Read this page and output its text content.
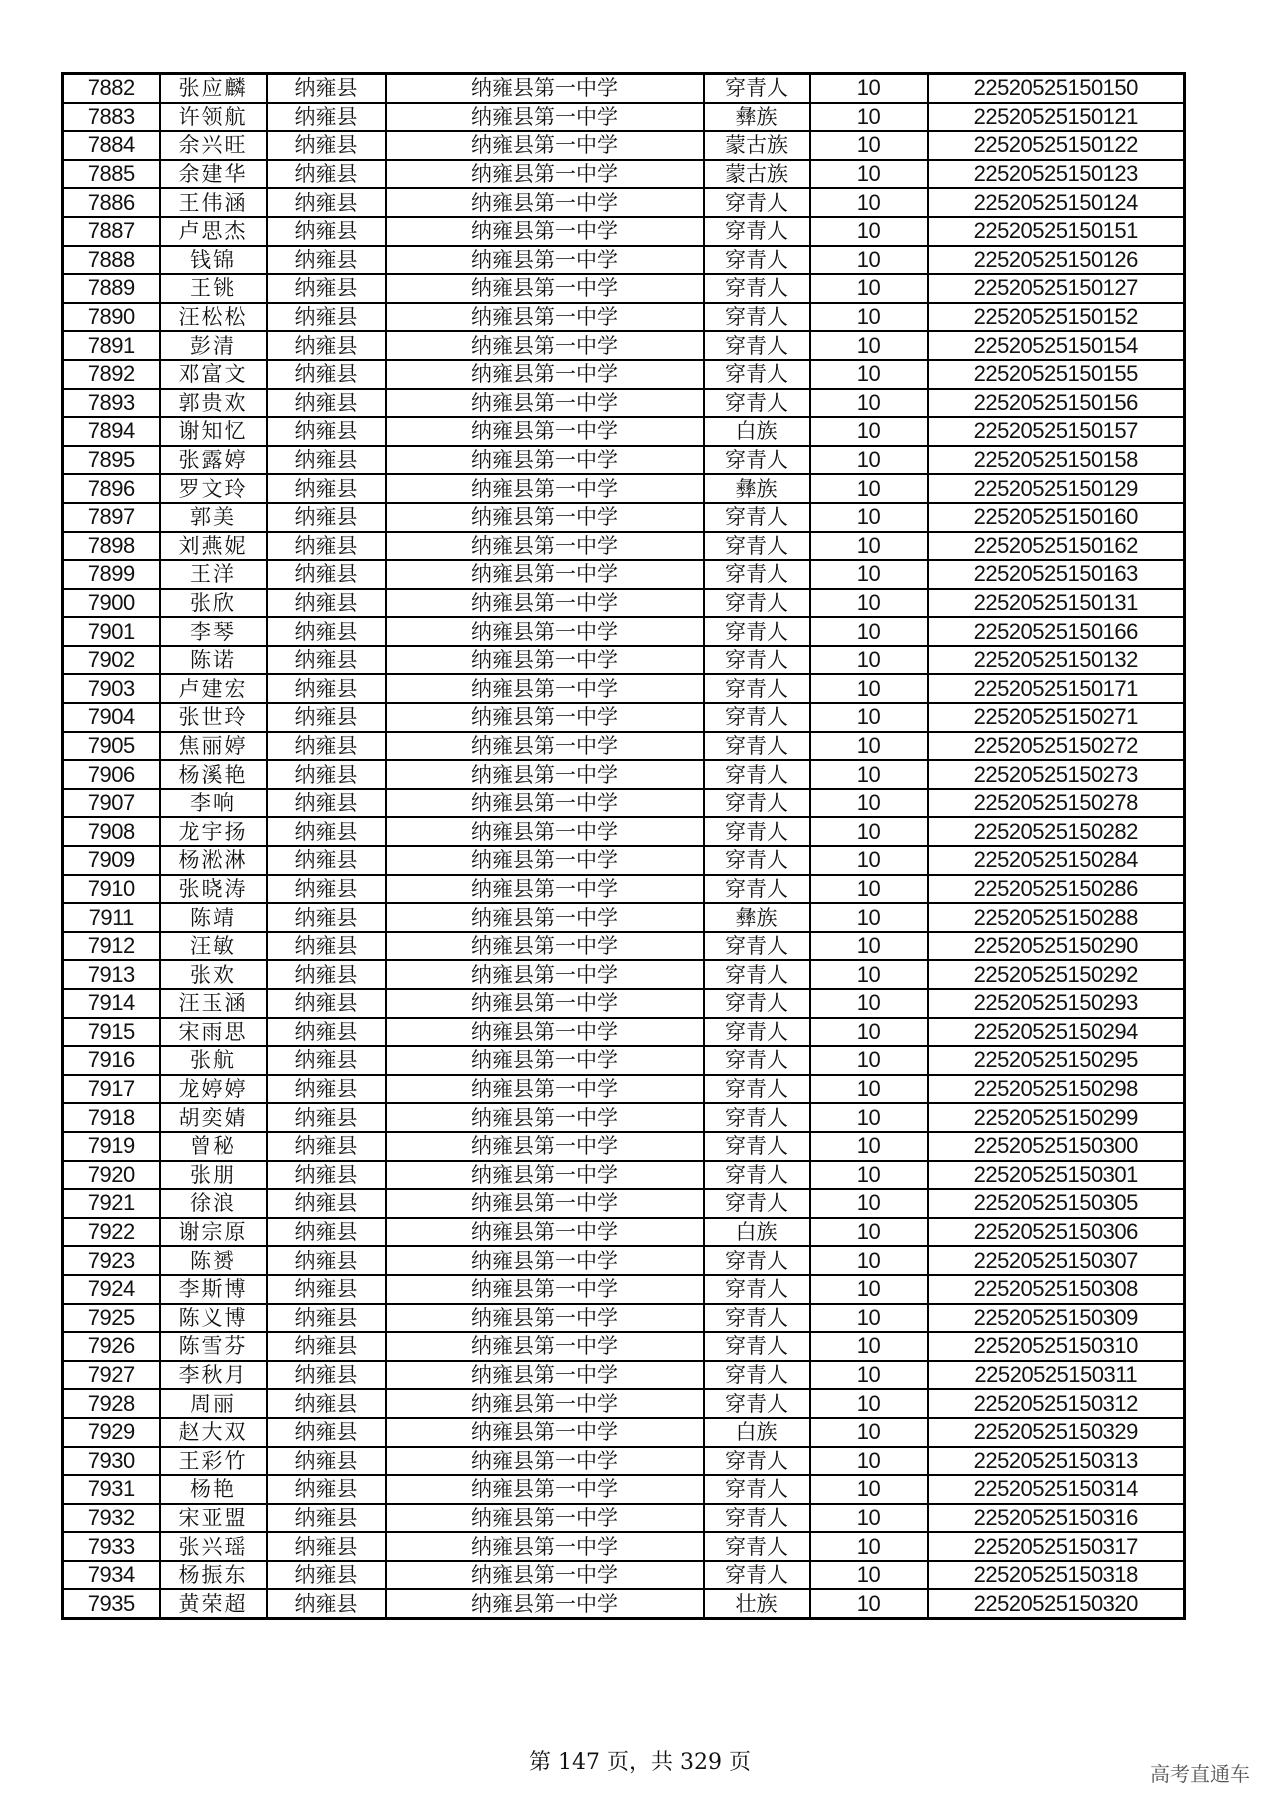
7882	张应麟	纳雍县	纳雍县第一中学	穿青人	10	22520525150150
7883	许领航	纳雍县	纳雍县第一中学	彝族	10	22520525150121
7884	余兴旺	纳雍县	纳雍县第一中学	蒙古族	10	22520525150122
7885	余建华	纳雍县	纳雍县第一中学	蒙古族	10	22520525150123
7886	王伟涵	纳雍县	纳雍县第一中学	穿青人	10	22520525150124
7887	卢思杰	纳雍县	纳雍县第一中学	穿青人	10	22520525150151
7888	钱锦	纳雍县	纳雍县第一中学	穿青人	10	22520525150126
7889	王铫	纳雍县	纳雍县第一中学	穿青人	10	22520525150127
7890	汪松松	纳雍县	纳雍县第一中学	穿青人	10	22520525150152
7891	彭清	纳雍县	纳雍县第一中学	穿青人	10	22520525150154
7892	邓富文	纳雍县	纳雍县第一中学	穿青人	10	22520525150155
7893	郭贵欢	纳雍县	纳雍县第一中学	穿青人	10	22520525150156
7894	谢知忆	纳雍县	纳雍县第一中学	白族	10	22520525150157
7895	张露婷	纳雍县	纳雍县第一中学	穿青人	10	22520525150158
7896	罗文玲	纳雍县	纳雍县第一中学	彝族	10	22520525150129
7897	郭美	纳雍县	纳雍县第一中学	穿青人	10	22520525150160
7898	刘燕妮	纳雍县	纳雍县第一中学	穿青人	10	22520525150162
7899	王洋	纳雍县	纳雍县第一中学	穿青人	10	22520525150163
7900	张欣	纳雍县	纳雍县第一中学	穿青人	10	22520525150131
7901	李琴	纳雍县	纳雍县第一中学	穿青人	10	22520525150166
7902	陈诺	纳雍县	纳雍县第一中学	穿青人	10	22520525150132
7903	卢建宏	纳雍县	纳雍县第一中学	穿青人	10	22520525150171
7904	张世玲	纳雍县	纳雍县第一中学	穿青人	10	22520525150271
7905	焦丽婷	纳雍县	纳雍县第一中学	穿青人	10	22520525150272
7906	杨溪艳	纳雍县	纳雍县第一中学	穿青人	10	22520525150273
7907	李响	纳雍县	纳雍县第一中学	穿青人	10	22520525150278
7908	龙宇扬	纳雍县	纳雍县第一中学	穿青人	10	22520525150282
7909	杨淞淋	纳雍县	纳雍县第一中学	穿青人	10	22520525150284
7910	张晓涛	纳雍县	纳雍县第一中学	穿青人	10	22520525150286
7911	陈靖	纳雍县	纳雍县第一中学	彝族	10	22520525150288
7912	汪敏	纳雍县	纳雍县第一中学	穿青人	10	22520525150290
7913	张欢	纳雍县	纳雍县第一中学	穿青人	10	22520525150292
7914	汪玉涵	纳雍县	纳雍县第一中学	穿青人	10	22520525150293
7915	宋雨思	纳雍县	纳雍县第一中学	穿青人	10	22520525150294
7916	张航	纳雍县	纳雍县第一中学	穿青人	10	22520525150295
7917	龙婷婷	纳雍县	纳雍县第一中学	穿青人	10	22520525150298
7918	胡奕婧	纳雍县	纳雍县第一中学	穿青人	10	22520525150299
7919	曾秘	纳雍县	纳雍县第一中学	穿青人	10	22520525150300
7920	张朋	纳雍县	纳雍县第一中学	穿青人	10	22520525150301
7921	徐浪	纳雍县	纳雍县第一中学	穿青人	10	22520525150305
7922	谢宗原	纳雍县	纳雍县第一中学	白族	10	22520525150306
7923	陈赟	纳雍县	纳雍县第一中学	穿青人	10	22520525150307
7924	李斯博	纳雍县	纳雍县第一中学	穿青人	10	22520525150308
7925	陈义博	纳雍县	纳雍县第一中学	穿青人	10	22520525150309
7926	陈雪芬	纳雍县	纳雍县第一中学	穿青人	10	22520525150310
7927	李秋月	纳雍县	纳雍县第一中学	穿青人	10	22520525150311
7928	周丽	纳雍县	纳雍县第一中学	穿青人	10	22520525150312
7929	赵大双	纳雍县	纳雍县第一中学	白族	10	22520525150329
7930	王彩竹	纳雍县	纳雍县第一中学	穿青人	10	22520525150313
7931	杨艳	纳雍县	纳雍县第一中学	穿青人	10	22520525150314
7932	宋亚盟	纳雍县	纳雍县第一中学	穿青人	10	22520525150316
7933	张兴瑶	纳雍县	纳雍县第一中学	穿青人	10	22520525150317
7934	杨振东	纳雍县	纳雍县第一中学	穿青人	10	22520525150318
7935	黄荣超	纳雍县	纳雍县第一中学	壮族	10	22520525150320
第 147 页，共 329 页	高考直通车
